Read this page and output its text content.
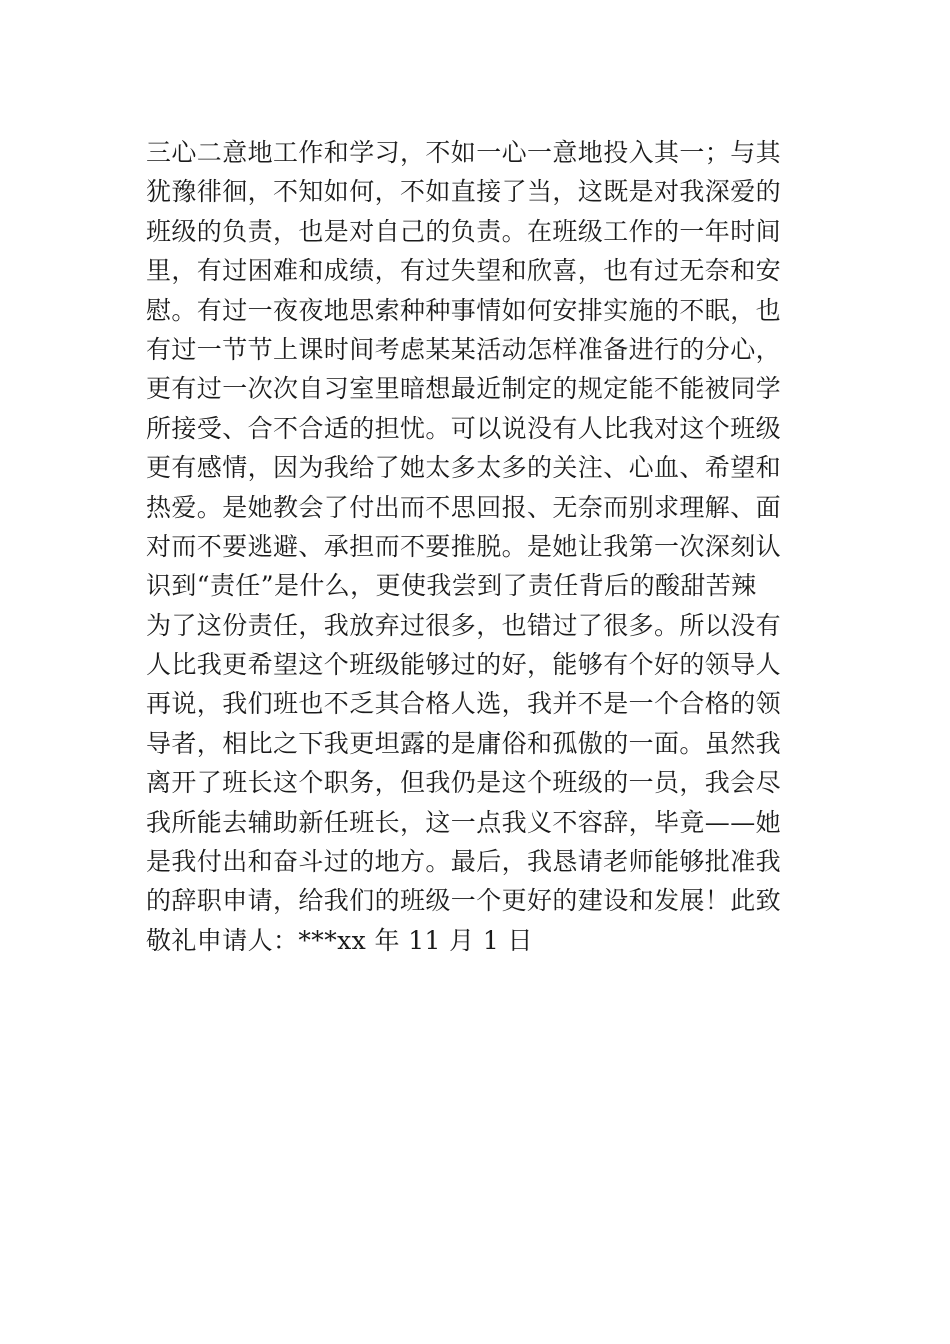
三心二意地工作和学习，不如一心一意地投入其一；与其
犹豫徘徊，不知如何，不如直接了当，这既是对我深爱的
班级的负责，也是对自己的负责。在班级工作的一年时间
里，有过困难和成绩，有过失望和欣喜，也有过无奈和安
慰。有过一夜夜地思索种种事情如何安排实施的不眠，也
有过一节节上课时间考虑某某活动怎样准备进行的分心，
更有过一次次自习室里暗想最近制定的规定能不能被同学
所接受、合不合适的担忧。可以说没有人比我对这个班级
更有感情，因为我给了她太多太多的关注、心血、希望和
热爱。是她教会了付出而不思回报、无奈而别求理解、面
对而不要逃避、承担而不要推脱。是她让我第一次深刻认
识到“责任”是什么，更使我尝到了责任背后的酸甜苦辣
为了这份责任，我放弃过很多，也错过了很多。所以没有
人比我更希望这个班级能够过的好，能够有个好的领导人
再说，我们班也不乏其合格人选，我并不是一个合格的领
导者，相比之下我更坦露的是庸俗和孤傲的一面。虽然我
离开了班长这个职务，但我仍是这个班级的一员，我会尽
我所能去辅助新任班长，这一点我义不容辞，毕竟——她
是我付出和奋斗过的地方。最后，我恳请老师能够批准我
的辞职申请，给我们的班级一个更好的建设和发展！此致
敬礼申请人：***xx 年 11 月 1 日
